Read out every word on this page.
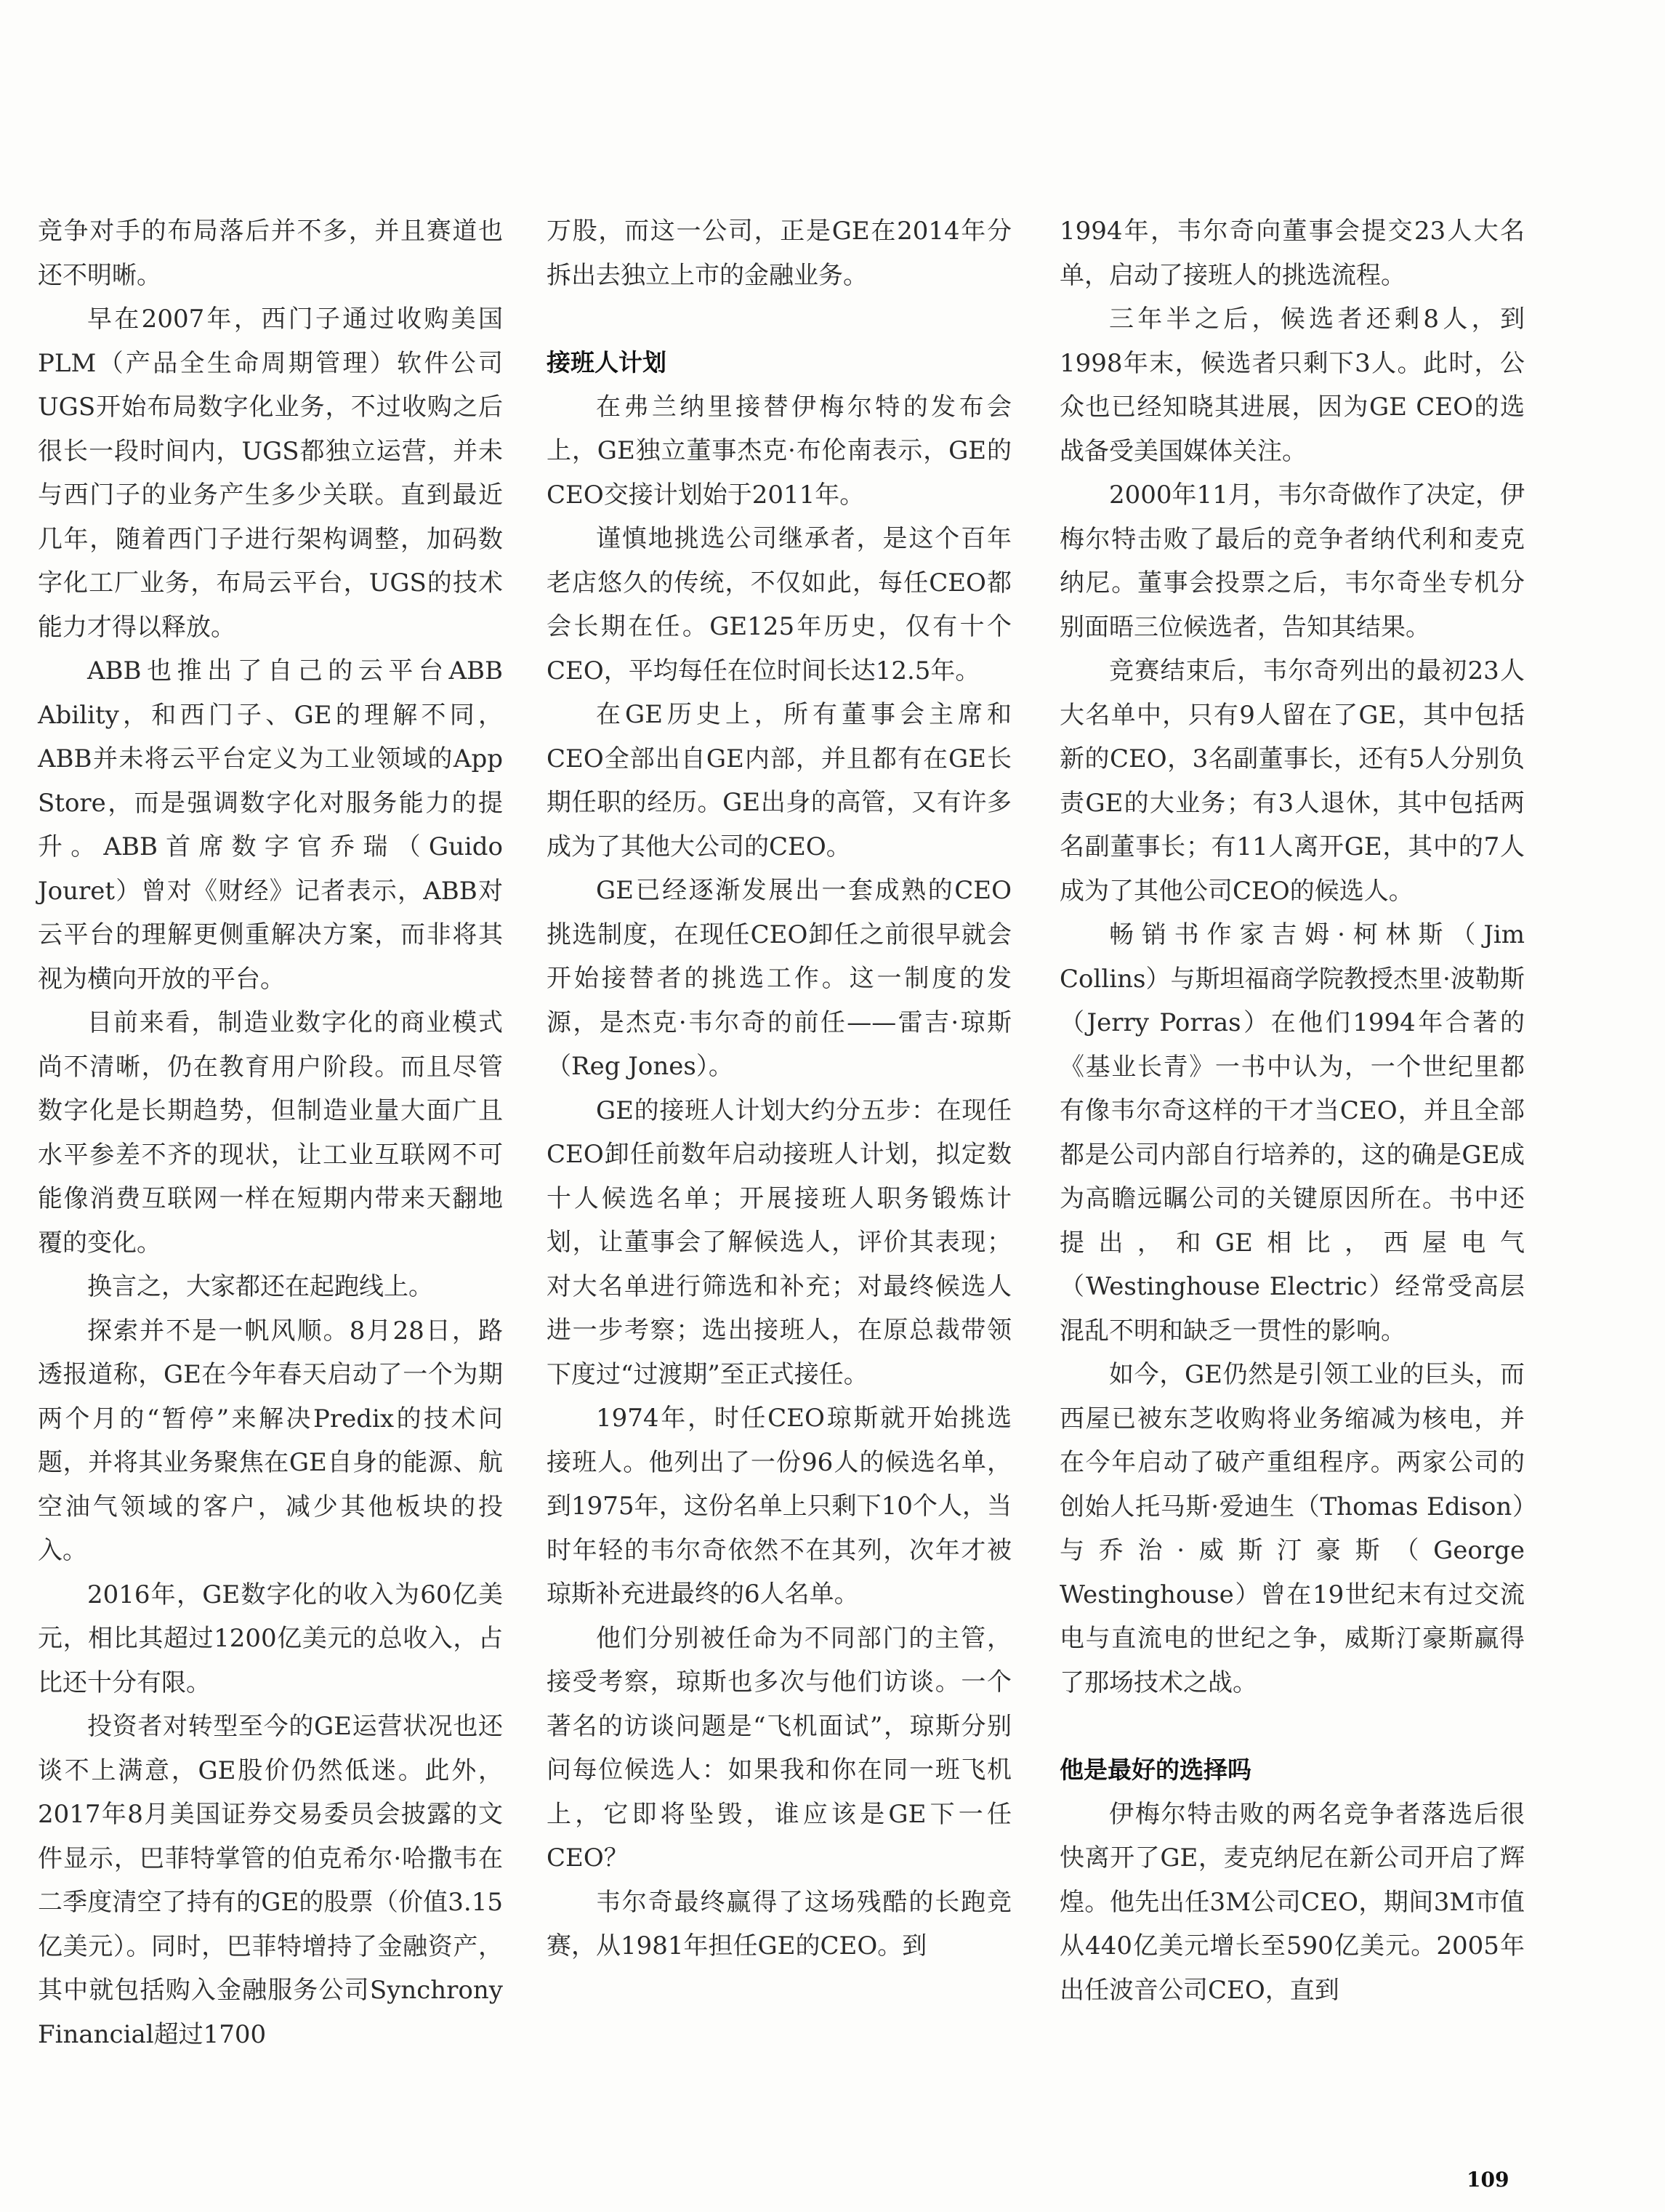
竞争对手的布局落后并不多，并且赛道也还不明晰。

早在2007年，西门子通过收购美国PLM（产品全生命周期管理）软件公司UGS开始布局数字化业务，不过收购之后很长一段时间内，UGS都独立运营，并未与西门子的业务产生多少关联。直到最近几年，随着西门子进行架构调整，加码数字化工厂业务，布局云平台，UGS的技术能力才得以释放。

ABB也推出了自己的云平台ABB Ability，和西门子、GE的理解不同，ABB并未将云平台定义为工业领域的App Store，而是强调数字化对服务能力的提升。ABB首席数字官乔瑞（Guido Jouret）曾对《财经》记者表示，ABB对云平台的理解更侧重解决方案，而非将其视为横向开放的平台。

目前来看，制造业数字化的商业模式尚不清晰，仍在教育用户阶段。而且尽管数字化是长期趋势，但制造业量大面广且水平参差不齐的现状，让工业互联网不可能像消费互联网一样在短期内带来天翻地覆的变化。

换言之，大家都还在起跑线上。

探索并不是一帆风顺。8月28日，路透报道称，GE在今年春天启动了一个为期两个月的“暂停”来解决Predix的技术问题，并将其业务聚焦在GE自身的能源、航空油气领域的客户，减少其他板块的投入。

2016年，GE数字化的收入为60亿美元，相比其超过1200亿美元的总收入，占比还十分有限。

投资者对转型至今的GE运营状况也还谈不上满意，GE股价仍然低迷。此外，2017年8月美国证券交易委员会披露的文件显示，巴菲特掌管的伯克希尔·哈撒韦在二季度清空了持有的GE的股票（价值3.15亿美元）。同时，巴菲特增持了金融资产，其中就包括购入金融服务公司Synchrony Financial超过1700

万股，而这一公司，正是GE在2014年分拆出去独立上市的金融业务。

接班人计划

在弗兰纳里接替伊梅尔特的发布会上，GE独立董事杰克·布伦南表示，GE的CEO交接计划始于2011年。

谨慎地挑选公司继承者，是这个百年老店悠久的传统，不仅如此，每任CEO都会长期在任。GE125年历史，仅有十个CEO，平均每任在位时间长达12.5年。

在GE历史上，所有董事会主席和CEO全部出自GE内部，并且都有在GE长期任职的经历。GE出身的高管，又有许多成为了其他大公司的CEO。

GE已经逐渐发展出一套成熟的CEO挑选制度，在现任CEO卸任之前很早就会开始接替者的挑选工作。这一制度的发源，是杰克·韦尔奇的前任——雷吉·琼斯（Reg Jones）。

GE的接班人计划大约分五步：在现任CEO卸任前数年启动接班人计划，拟定数十人候选名单；开展接班人职务锻炼计划，让董事会了解候选人，评价其表现；对大名单进行筛选和补充；对最终候选人进一步考察；选出接班人，在原总裁带领下度过“过渡期”至正式接任。

1974年，时任CEO琼斯就开始挑选接班人。他列出了一份96人的候选名单，到1975年，这份名单上只剩下10个人，当时年轻的韦尔奇依然不在其列，次年才被琼斯补充进最终的6人名单。

他们分别被任命为不同部门的主管，接受考察，琼斯也多次与他们访谈。一个著名的访谈问题是“飞机面试”，琼斯分别问每位候选人：如果我和你在同一班飞机上，它即将坠毁，谁应该是GE下一任CEO？

韦尔奇最终赢得了这场残酷的长跑竞赛，从1981年担任GE的CEO。到

1994年，韦尔奇向董事会提交23人大名单，启动了接班人的挑选流程。

三年半之后，候选者还剩8人，到1998年末，候选者只剩下3人。此时，公众也已经知晓其进展，因为GE CEO的选战备受美国媒体关注。

2000年11月，韦尔奇做作了决定，伊梅尔特击败了最后的竞争者纳代利和麦克纳尼。董事会投票之后，韦尔奇坐专机分别面晤三位候选者，告知其结果。

竞赛结束后，韦尔奇列出的最初23人大名单中，只有9人留在了GE，其中包括新的CEO，3名副董事长，还有5人分别负责GE的大业务；有3人退休，其中包括两名副董事长；有11人离开GE，其中的7人成为了其他公司CEO的候选人。

畅销书作家吉姆·柯林斯（Jim Collins）与斯坦福商学院教授杰里·波勒斯（Jerry Porras）在他们1994年合著的《基业长青》一书中认为，一个世纪里都有像韦尔奇这样的干才当CEO，并且全部都是公司内部自行培养的，这的确是GE成为高瞻远瞩公司的关键原因所在。书中还提出，和GE相比，西屋电气（Westinghouse Electric）经常受高层混乱不明和缺乏一贯性的影响。

如今，GE仍然是引领工业的巨头，而西屋已被东芝收购将业务缩减为核电，并在今年启动了破产重组程序。两家公司的创始人托马斯·爱迪生（Thomas Edison）与乔治·威斯汀豪斯（George Westinghouse）曾在19世纪末有过交流电与直流电的世纪之争，威斯汀豪斯赢得了那场技术之战。

他是最好的选择吗

伊梅尔特击败的两名竞争者落选后很快离开了GE，麦克纳尼在新公司开启了辉煌。他先出任3M公司CEO，期间3M市值从440亿美元增长至590亿美元。2005年出任波音公司CEO，直到

109
